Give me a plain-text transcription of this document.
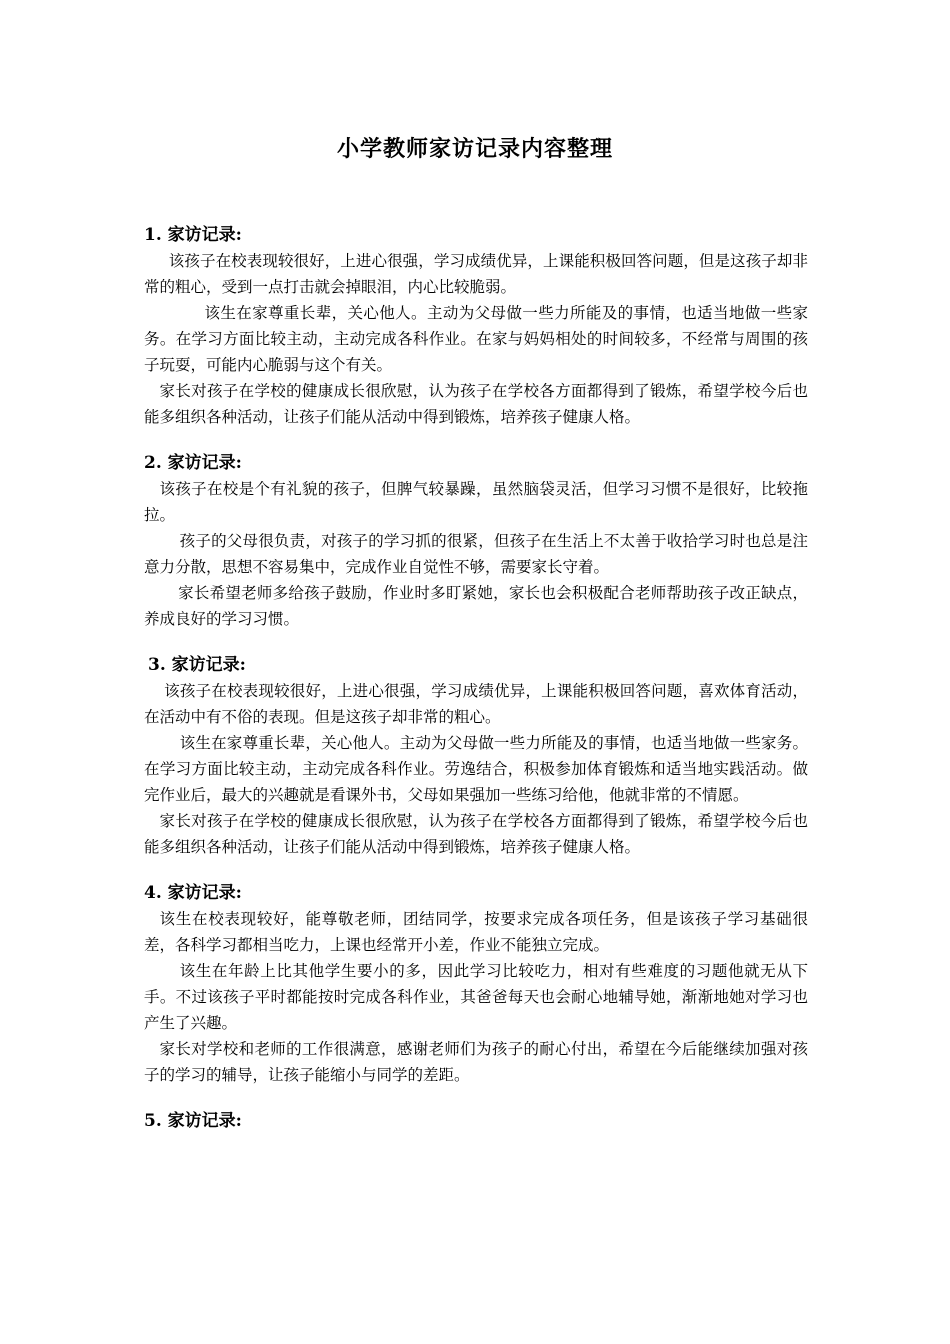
小学教师家访记录内容整理
1. 家访记录:

该孩子在校表现较很好，上进心很强，学习成绩优异，上课能积极回答问题，但是这孩子却非常的粗心，受到一点打击就会掉眼泪，内心比较脆弱。

该生在家尊重长辈，关心他人。主动为父母做一些力所能及的事情，也适当地做一些家务。在学习方面比较主动，主动完成各科作业。在家与妈妈相处的时间较多，不经常与周围的孩子玩耍，可能内心脆弱与这个有关。

家长对孩子在学校的健康成长很欣慰，认为孩子在学校各方面都得到了锻炼，希望学校今后也能多组织各种活动，让孩子们能从活动中得到锻炼，培养孩子健康人格。

2. 家访记录:

该孩子在校是个有礼貌的孩子，但脾气较暴躁，虽然脑袋灵活，但学习习惯不是很好，比较拖拉。

孩子的父母很负责，对孩子的学习抓的很紧，但孩子在生活上不太善于收拾学习时也总是注意力分散，思想不容易集中，完成作业自觉性不够，需要家长守着。

家长希望老师多给孩子鼓励，作业时多盯紧她，家长也会积极配合老师帮助孩子改正缺点，养成良好的学习习惯。

3. 家访记录:

该孩子在校表现较很好，上进心很强，学习成绩优异，上课能积极回答问题，喜欢体育活动，在活动中有不俗的表现。但是这孩子却非常的粗心。

该生在家尊重长辈，关心他人。主动为父母做一些力所能及的事情，也适当地做一些家务。在学习方面比较主动，主动完成各科作业。劳逸结合，积极参加体育锻炼和适当地实践活动。做完作业后，最大的兴趣就是看课外书，父母如果强加一些练习给他，他就非常的不情愿。

家长对孩子在学校的健康成长很欣慰，认为孩子在学校各方面都得到了锻炼，希望学校今后也能多组织各种活动，让孩子们能从活动中得到锻炼，培养孩子健康人格。

4. 家访记录:

该生在校表现较好，能尊敬老师，团结同学，按要求完成各项任务，但是该孩子学习基础很差，各科学习都相当吃力，上课也经常开小差，作业不能独立完成。

该生在年龄上比其他学生要小的多，因此学习比较吃力，相对有些难度的习题他就无从下手。不过该孩子平时都能按时完成各科作业，其爸爸每天也会耐心地辅导她，渐渐地她对学习也产生了兴趣。

家长对学校和老师的工作很满意，感谢老师们为孩子的耐心付出，希望在今后能继续加强对孩子的学习的辅导，让孩子能缩小与同学的差距。

5. 家访记录:
